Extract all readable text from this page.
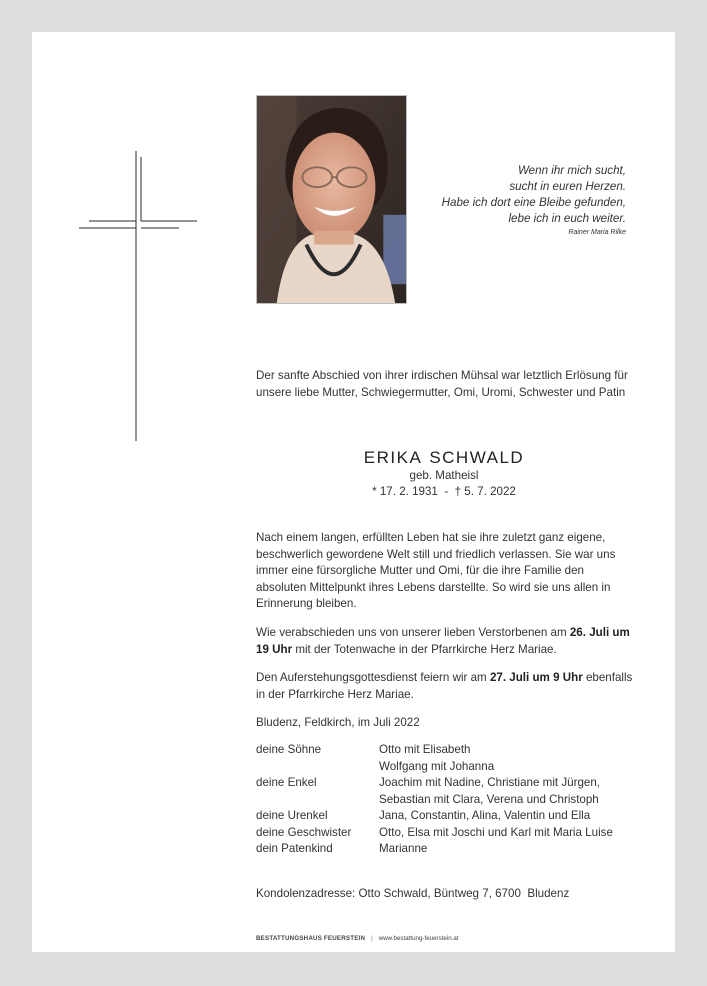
Wenn ihr mich sucht,
sucht in euren Herzen.
Habe ich dort eine Bleibe gefunden,
lebe ich in euch weiter.
Rainer Maria Rilke
Der sanfte Abschied von ihrer irdischen Mühsal war letztlich Erlösung für unsere liebe Mutter, Schwiegermutter, Omi, Uromi, Schwester und Patin
ERIKA SCHWALD
geb. Matheisl
* 17. 2. 1931  -  † 5. 7. 2022
Nach einem langen, erfüllten Leben hat sie ihre zuletzt ganz eigene, beschwerlich gewordene Welt still und friedlich verlassen. Sie war uns immer eine fürsorgliche Mutter und Omi, für die ihre Familie den absoluten Mittelpunkt ihres Lebens darstellte. So wird sie uns allen in Erinnerung bleiben.
Wie verabschieden uns von unserer lieben Verstorbenen am 26. Juli um 19 Uhr mit der Totenwache in der Pfarrkirche Herz Mariae.
Den Auferstehungsgottesdienst feiern wir am 27. Juli um 9 Uhr ebenfalls in der Pfarrkirche Herz Mariae.
Bludenz, Feldkirch, im Juli 2022
deine Söhne	Otto mit Elisabeth
Wolfgang mit Johanna
deine Enkel	Joachim mit Nadine, Christiane mit Jürgen,
Sebastian mit Clara, Verena und Christoph
deine Urenkel	Jana, Constantin, Alina, Valentin und Ella
deine Geschwister	Otto, Elsa mit Joschi und Karl mit Maria Luise
dein Patenkind	Marianne
Kondolenzadresse: Otto Schwald, Büntweg 7, 6700  Bludenz
BESTATTUNGSHAUS FEUERSTEIN | www.bestattung-feuerstein.at
